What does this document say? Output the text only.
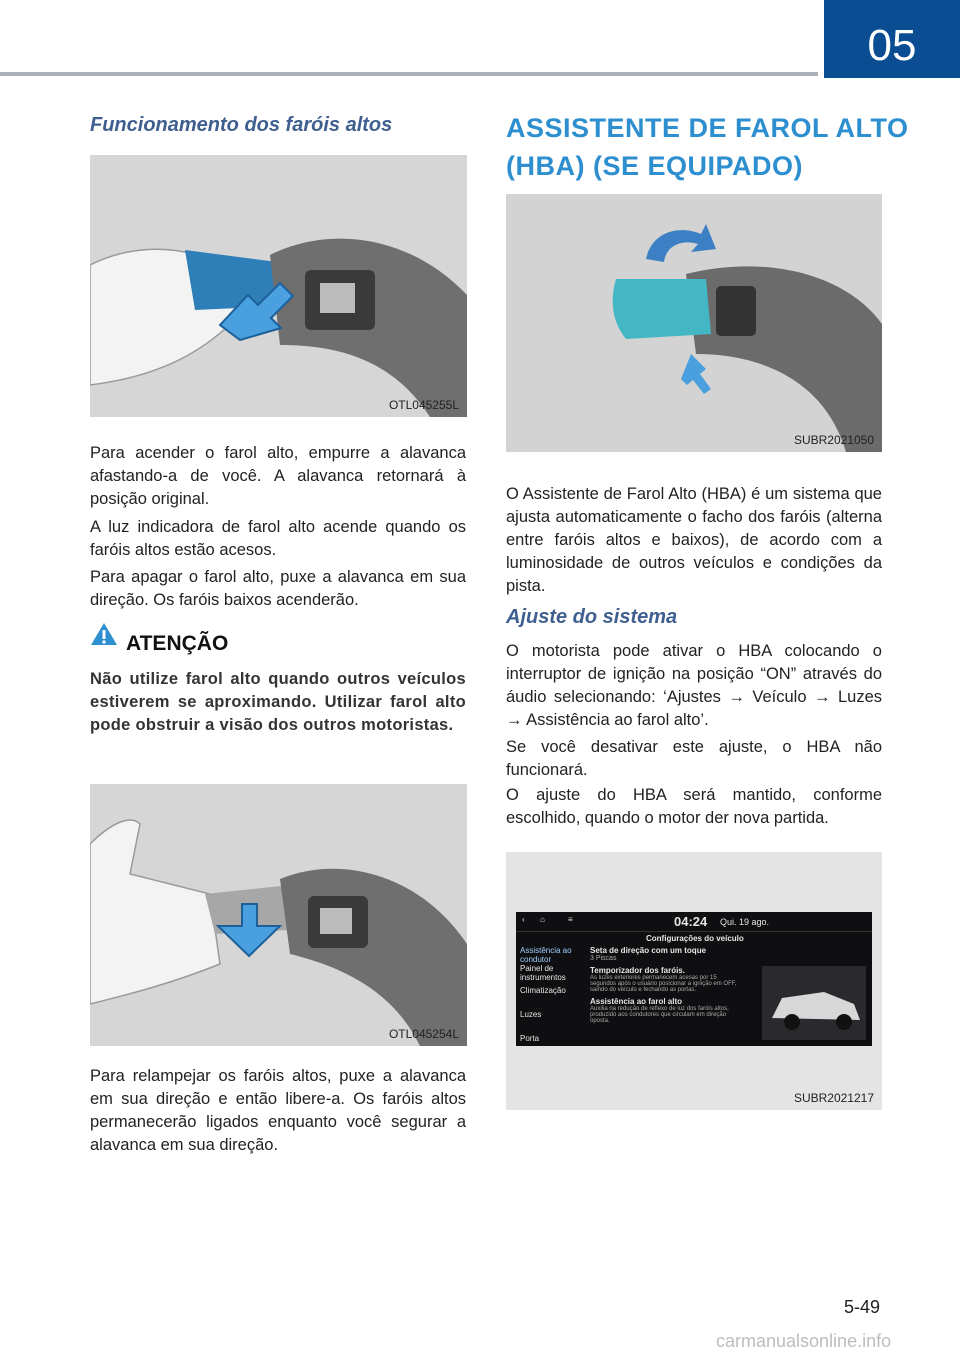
05
Funcionamento dos faróis altos
OTL045255L
Para acender o farol alto, empurre a alavanca afastando-a de você. A alavanca retornará à posição original.
A luz indicadora de farol alto acende quando os faróis altos estão acesos.
Para apagar o farol alto, puxe a alavanca em sua direção. Os faróis baixos acenderão.
ATENÇÃO
Não utilize farol alto quando outros veículos estiverem se aproximando. Utilizar farol alto pode obstruir a visão dos outros motoristas.
OTL045254L
Para relampejar os faróis altos, puxe a alavanca em sua direção e então libere-a. Os faróis altos permanecerão ligados enquanto você segurar a alavanca em sua direção.
ASSISTENTE DE FAROL ALTO
(HBA) (SE EQUIPADO)
SUBR2021050
O Assistente de Farol Alto (HBA) é um sistema que ajusta automaticamente o facho dos faróis (alterna entre faróis altos e baixos), de acordo com a luminosidade de outros veículos e condições da pista.
Ajuste do sistema
O motorista pode ativar o HBA colocando o interruptor de ignição na posição “ON” através do áudio selecionando: ‘Ajustes → Veículo → Luzes → Assistência ao farol alto’.
Se você desativar este ajuste, o HBA não funcionará.
O ajuste do HBA será mantido, conforme escolhido, quando o motor der nova partida.
‹ ⌂	≡	04:24 Qui. 19 ago.
Configurações do veículo
Assistência ao condutor
Painel de instrumentos
Climatização
Luzes
Porta
Seta de direção com um toque
3 Piscas
Temporizador dos faróis.
As luzes exteriores permanecem acesas por 15 segundos após o usuário posicionar a ignição em OFF, saindo do veículo e fechando as portas.
Assistência ao farol alto
Auxilia na redução de reflexo de luz dos faróis altos, produzido aos condutores que circulam em direção oposta.
SUBR2021217
5-49
carmanualsonline.info
